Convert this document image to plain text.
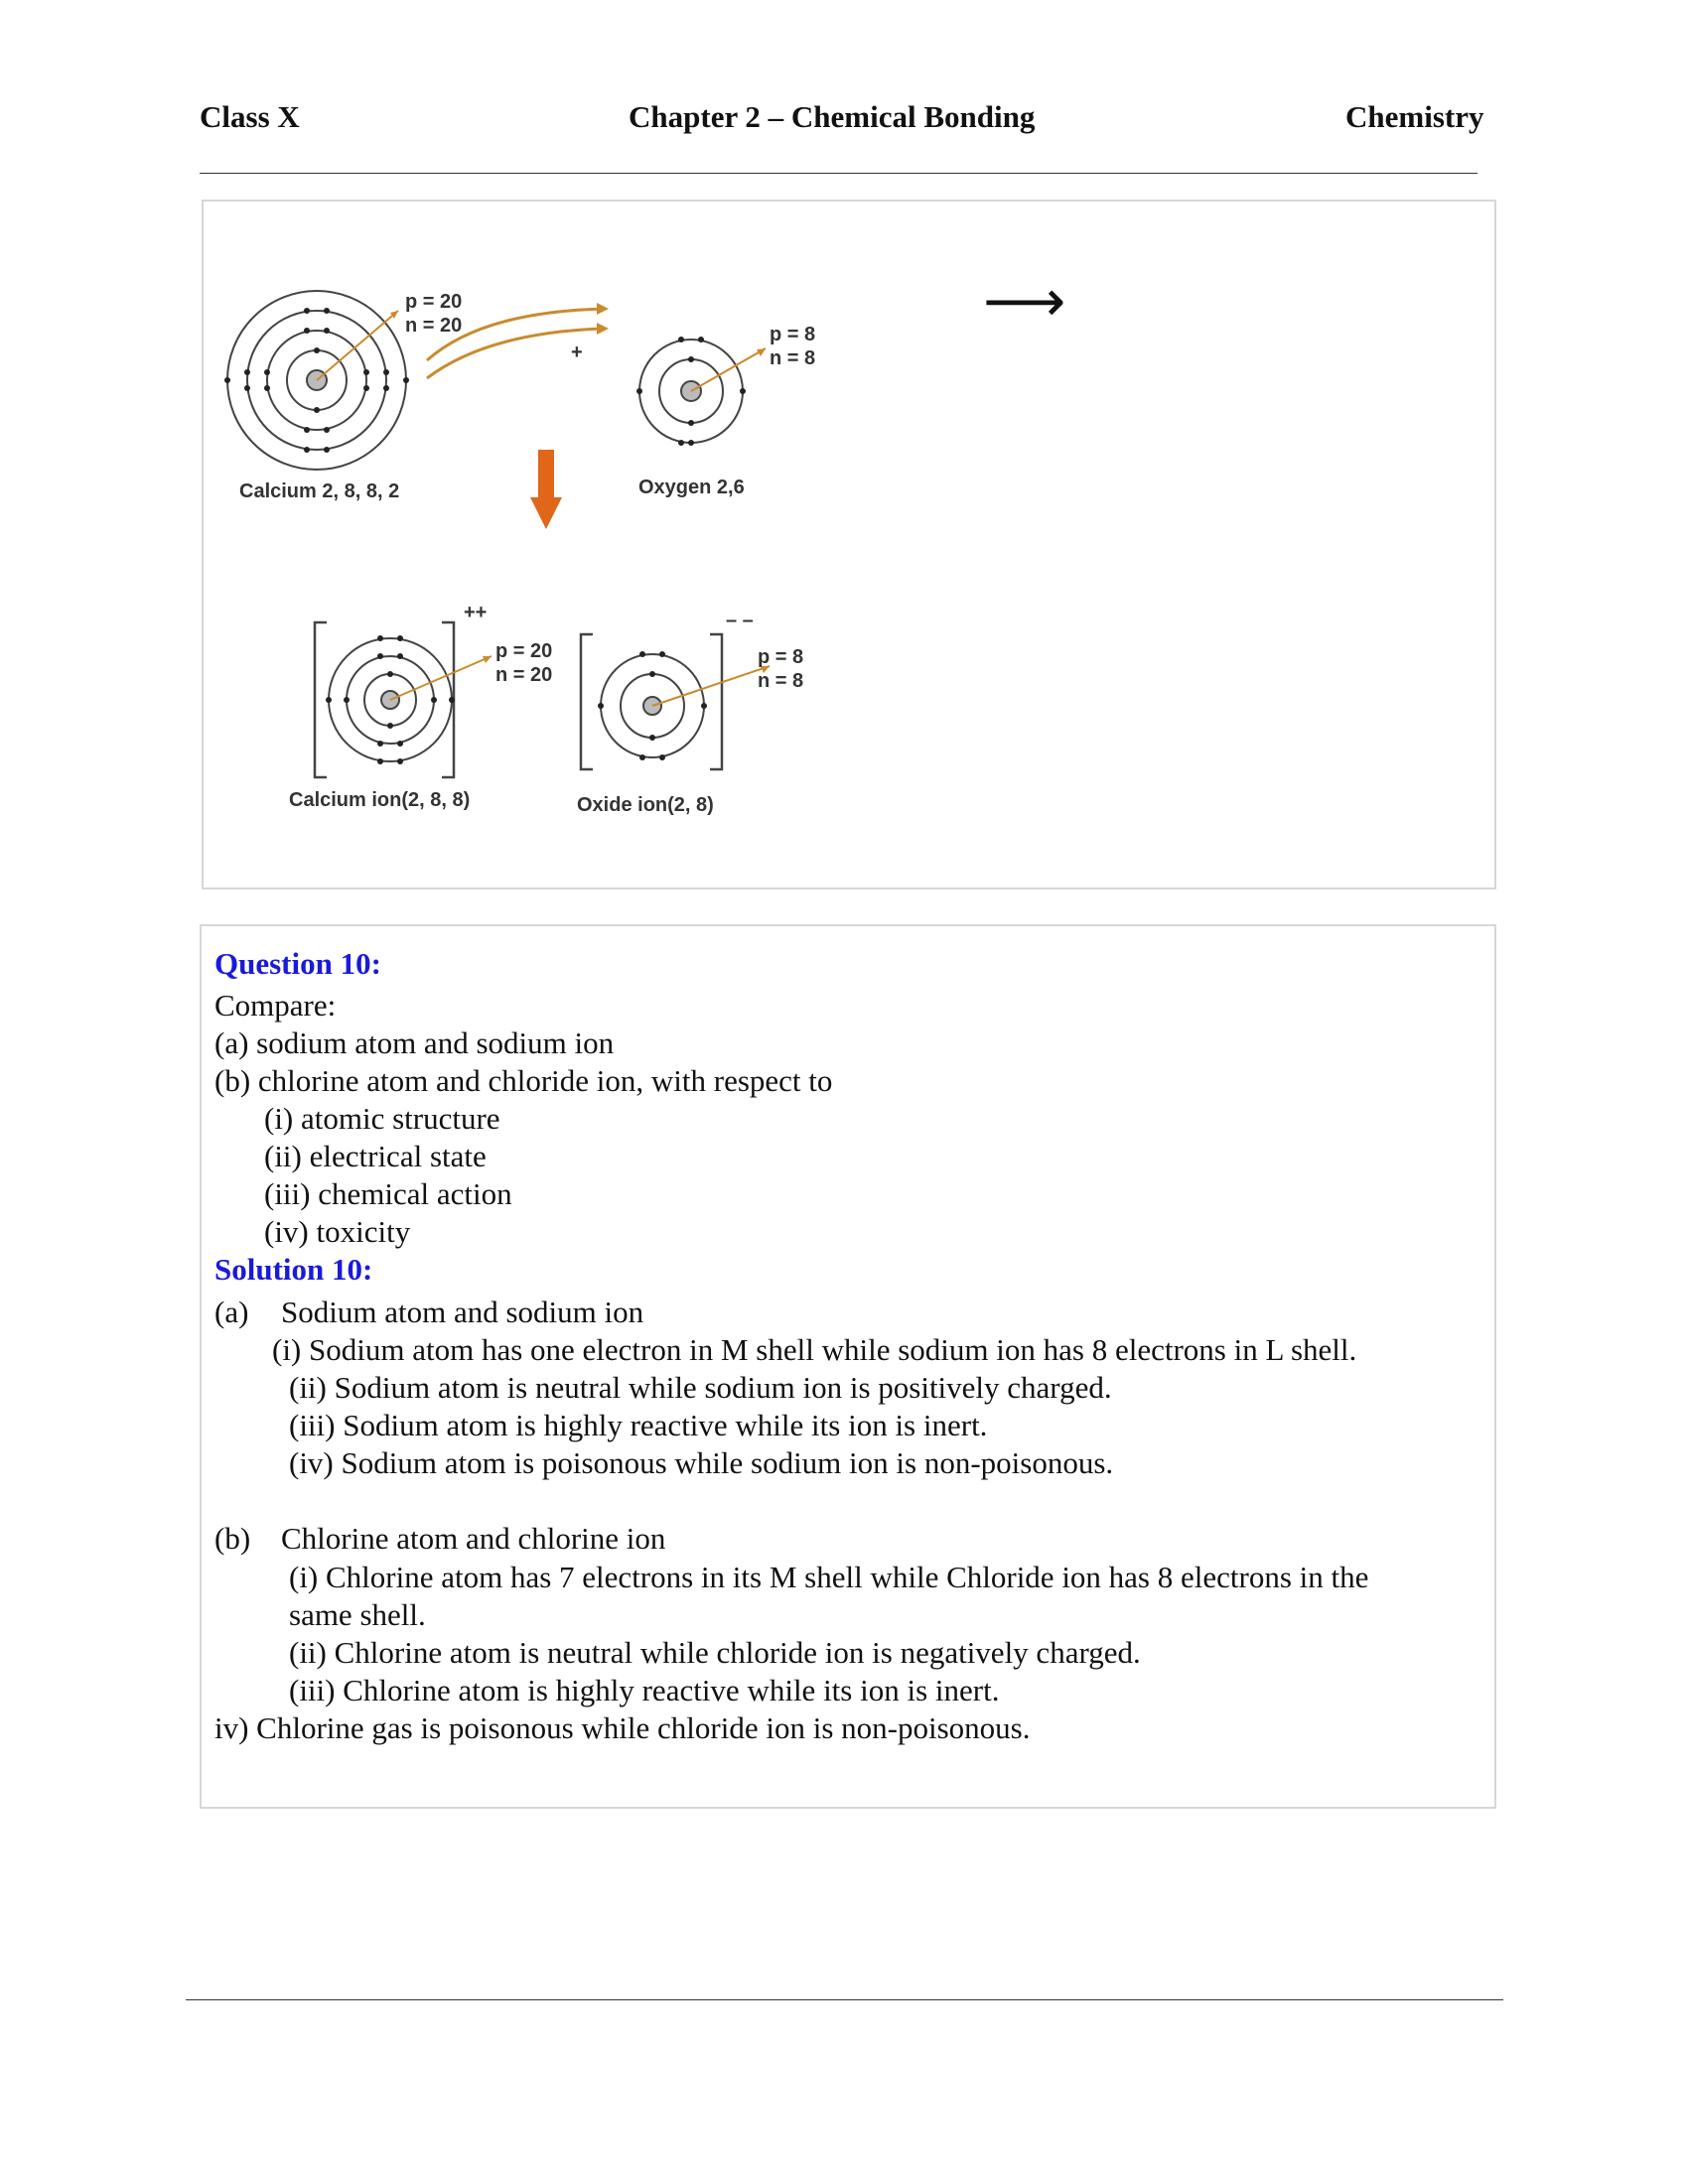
Class X	Chapter 2 – Chemical Bonding	Chemistry
p = 20
n = 20
Calcium 2, 8, 8, 2
+
p = 8
n = 8
Oxygen 2,6
⟶
++
p = 20
n = 20
Calcium ion(2, 8, 8)
– –
p = 8
n = 8
Oxide ion(2, 8)
Question 10:
Compare:
(a) sodium atom and sodium ion
(b) chlorine atom and chloride ion, with respect to
(i) atomic structure
(ii) electrical state
(iii) chemical action
(iv) toxicity
Solution 10:
(a) Sodium atom and sodium ion
(i) Sodium atom has one electron in M shell while sodium ion has 8 electrons in L shell.
(ii) Sodium atom is neutral while sodium ion is positively charged.
(iii) Sodium atom is highly reactive while its ion is inert.
(iv) Sodium atom is poisonous while sodium ion is non-poisonous.
(b) Chlorine atom and chlorine ion
(i) Chlorine atom has 7 electrons in its M shell while Chloride ion has 8 electrons in the
same shell.
(ii) Chlorine atom is neutral while chloride ion is negatively charged.
(iii) Chlorine atom is highly reactive while its ion is inert.
iv) Chlorine gas is poisonous while chloride ion is non-poisonous.
